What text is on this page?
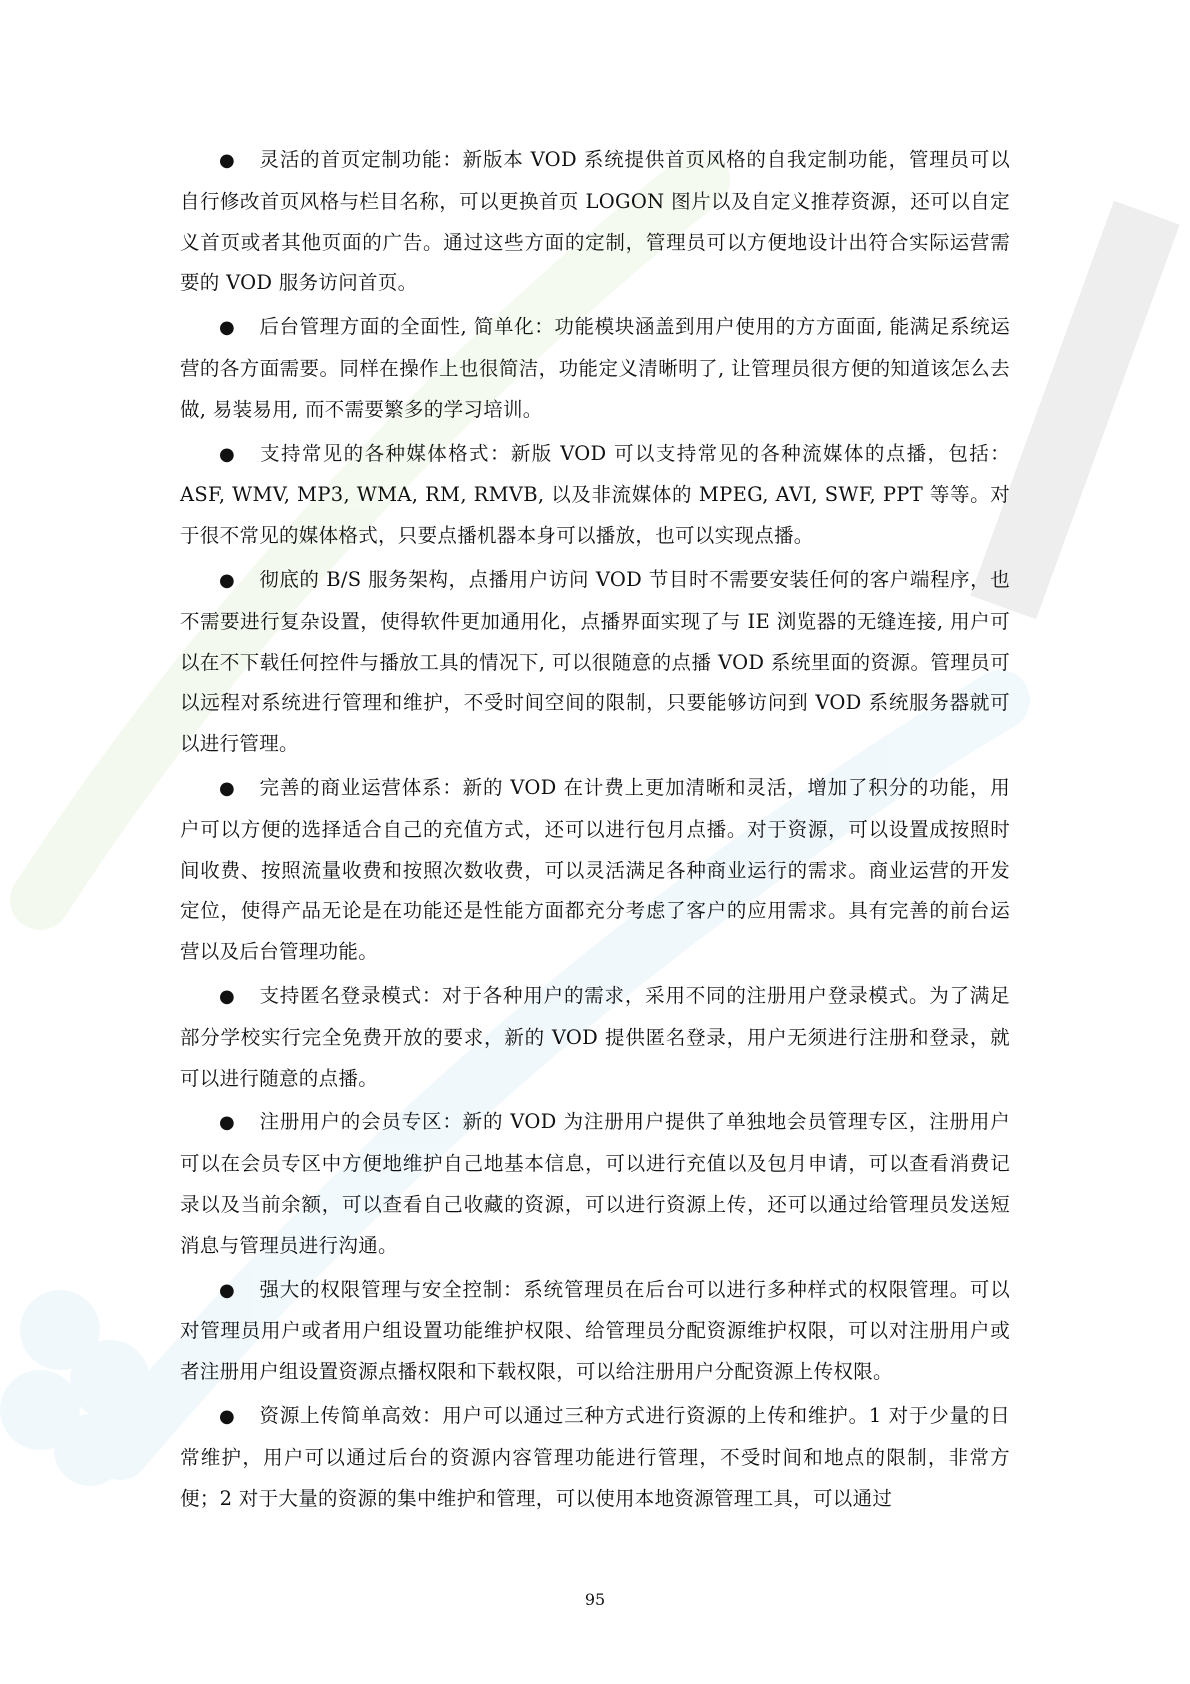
● 灵活的首页定制功能：新版本 VOD 系统提供首页风格的自我定制功能，管理员可以自行修改首页风格与栏目名称，可以更换首页 LOGON 图片以及自定义推荐资源，还可以自定义首页或者其他页面的广告。通过这些方面的定制，管理员可以方便地设计出符合实际运营需要的 VOD 服务访问首页。

● 后台管理方面的全面性, 简单化：功能模块涵盖到用户使用的方方面面, 能满足系统运营的各方面需要。同样在操作上也很简洁，功能定义清晰明了, 让管理员很方便的知道该怎么去做, 易装易用, 而不需要繁多的学习培训。

● 支持常见的各种媒体格式：新版 VOD 可以支持常见的各种流媒体的点播，包括：ASF, WMV, MP3, WMA, RM, RMVB, 以及非流媒体的 MPEG, AVI, SWF, PPT 等等。对于很不常见的媒体格式，只要点播机器本身可以播放，也可以实现点播。

● 彻底的 B/S 服务架构，点播用户访问 VOD 节目时不需要安装任何的客户端程序，也不需要进行复杂设置，使得软件更加通用化，点播界面实现了与 IE 浏览器的无缝连接, 用户可以在不下载任何控件与播放工具的情况下, 可以很随意的点播 VOD 系统里面的资源。管理员可以远程对系统进行管理和维护，不受时间空间的限制，只要能够访问到 VOD 系统服务器就可以进行管理。

● 完善的商业运营体系：新的 VOD 在计费上更加清晰和灵活，增加了积分的功能，用户可以方便的选择适合自己的充值方式，还可以进行包月点播。对于资源，可以设置成按照时间收费、按照流量收费和按照次数收费，可以灵活满足各种商业运行的需求。商业运营的开发定位，使得产品无论是在功能还是性能方面都充分考虑了客户的应用需求。具有完善的前台运营以及后台管理功能。

● 支持匿名登录模式：对于各种用户的需求，采用不同的注册用户登录模式。为了满足部分学校实行完全免费开放的要求，新的 VOD 提供匿名登录，用户无须进行注册和登录，就可以进行随意的点播。

● 注册用户的会员专区：新的 VOD 为注册用户提供了单独地会员管理专区，注册用户可以在会员专区中方便地维护自己地基本信息，可以进行充值以及包月申请，可以查看消费记录以及当前余额，可以查看自己收藏的资源，可以进行资源上传，还可以通过给管理员发送短消息与管理员进行沟通。

● 强大的权限管理与安全控制：系统管理员在后台可以进行多种样式的权限管理。可以对管理员用户或者用户组设置功能维护权限、给管理员分配资源维护权限，可以对注册用户或者注册用户组设置资源点播权限和下载权限，可以给注册用户分配资源上传权限。

● 资源上传简单高效：用户可以通过三种方式进行资源的上传和维护。1 对于少量的日常维护，用户可以通过后台的资源内容管理功能进行管理，不受时间和地点的限制，非常方便；2 对于大量的资源的集中维护和管理，可以使用本地资源管理工具，可以通过

95
